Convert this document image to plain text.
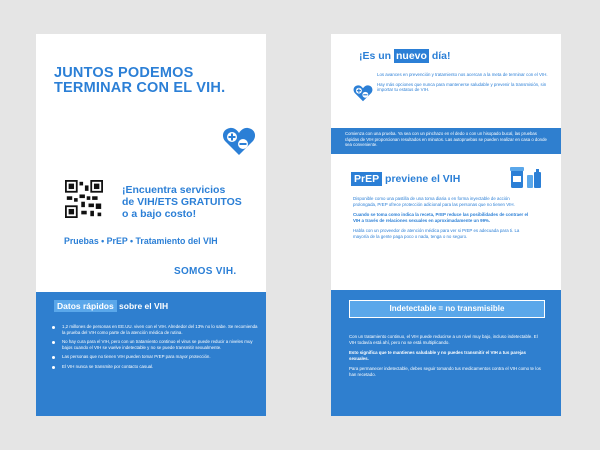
JUNTOS PODEMOS
TERMINAR CON EL VIH.
¡Encuentra servicios
de VIH/ETS GRATUITOS
o a bajo costo!
Pruebas • PrEP • Tratamiento del VIH
SOMOS VIH.
Datos rápidos sobre el VIH
1,2 millones de personas en EE.UU. viven con el VIH. Alrededor del 13% no lo sabe. Se recomienda la prueba del VIH como parte de la atención médica de rutina.
No hay cura para el VIH, pero con un tratamiento continuo el virus se puede reducir a niveles muy bajos cuando el VIH se vuelve indetectable y no se puede transmitir sexualmente.
Las personas que no tienen VIH pueden tomar PrEP para mayor protección.
El VIH nunca se transmite por contacto casual.
¡Es un nuevo día!

Los avances en prevención y tratamiento nos acercan a la meta de terminar con el VIH.

Hay más opciones que nunca para mantenerse saludable y prevenir la transmisión, sin importar tu estatus de VIH.

Comienza con una prueba. Ya sea con un pinchazo en el dedo o con un hisopado bucal, las pruebas rápidas de VIH proporcionan resultados en minutos. Las autopruebas se pueden realizar en casa o donde sea conveniente.
PrEP previene el VIH

Disponible como una pastilla de una toma diaria o en forma inyectable de acción prolongada, PrEP ofrece protección adicional para las personas que no tienen VIH.

Cuando se toma como indica la receta, PrEP reduce las posibilidades de contraer el VIH a través de relaciones sexuales en aproximadamente un 99%.

Habla con un proveedor de atención médica para ver si PrEP es adecuada para ti. La mayoría de la gente paga poco o nada, tenga o no seguro.

Indetectable = no transmisible

Con un tratamiento continuo, el VIH puede reducirse a un nivel muy bajo, incluso indetectable. El VIH todavía está ahí, pero no se está multiplicando.

Esto significa que te mantienes saludable y no puedes transmitir el VIH a tus parejas sexuales.

Para permanecer indetectable, debes seguir tomando tus medicamentos contra el VIH como te los han recetado.
